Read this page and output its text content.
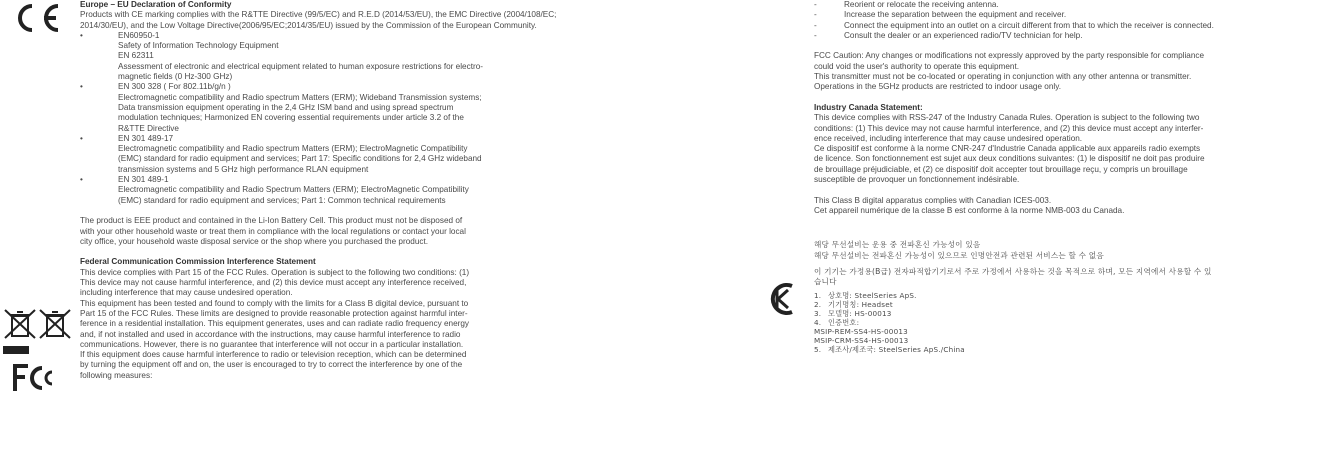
Europe – EU Declaration of Conformity

Products with CE marking complies with the R&TTE Directive (99/5/EC) and R.E.D (2014/53/EU), the EMC Directive (2004/108/EC; 2014/30/EU), and the Low Voltage Directive(2006/95/EC;2014/35/EU) issued by the Commission of the European Community.

•	EN60950-1
Safety of Information Technology Equipment
EN 62311
Assessment of electronic and electrical equipment related to human exposure restrictions for electro-
magnetic fields (0 Hz-300 GHz)
•	EN 300 328 ( For 802.11b/g/n )
Electromagnetic compatibility and Radio spectrum Matters (ERM); Wideband Transmission systems;
Data transmission equipment operating in the 2,4 GHz ISM band and using spread spectrum
modulation techniques; Harmonized EN covering essential requirements under article 3.2 of the
R&TTE Directive
•	EN 301 489-17
Electromagnetic compatibility and Radio spectrum Matters (ERM); ElectroMagnetic Compatibility
(EMC) standard for radio equipment and services; Part 17: Specific conditions for 2,4 GHz wideband
transmission systems and 5 GHz high performance RLAN equipment
•	EN 301 489-1
Electromagnetic compatibility and Radio Spectrum Matters (ERM); ElectroMagnetic Compatibility
(EMC) standard for radio equipment and services; Part 1: Common technical requirements
The product is EEE product and contained in the Li-Ion Battery Cell. This product must not be disposed of
with your other household waste or treat them in compliance with the local regulations or contact your local
city office, your household waste disposal service or the shop where you purchased the product.

Federal Communication Commission Interference Statement

This device complies with Part 15 of the FCC Rules. Operation is subject to the following two conditions: (1)
This device may not cause harmful interference, and (2) this device must accept any interference received,
including interference that may cause undesired operation.
This equipment has been tested and found to comply with the limits for a Class B digital device, pursuant to
Part 15 of the FCC Rules. These limits are designed to provide reasonable protection against harmful inter-
ference in a residential installation. This equipment generates, uses and can radiate radio frequency energy
and, if not installed and used in accordance with the instructions, may cause harmful interference to radio
communications. However, there is no guarantee that interference will not occur in a particular installation.
If this equipment does cause harmful interference to radio or television reception, which can be determined
by turning the equipment off and on, the user is encouraged to try to correct the interference by one of the
following measures:
-	Reorient or relocate the receiving antenna.
-	Increase the separation between the equipment and receiver.
-	Connect the equipment into an outlet on a circuit different from that to which the receiver is connected.
-	Consult the dealer or an experienced radio/TV technician for help.
FCC Caution: Any changes or modifications not expressly approved by the party responsible for compliance
could void the user's authority to operate this equipment.
This transmitter must not be co-located or operating in conjunction with any other antenna or transmitter.
Operations in the 5GHz products are restricted to indoor usage only.

Industry Canada Statement:

This device complies with RSS-247 of the Industry Canada Rules. Operation is subject to the following two
conditions: (1) This device may not cause harmful interference, and (2) this device must accept any interfer-
ence received, including interference that may cause undesired operation.
Ce dispositif est conforme à la norme CNR-247 d'Industrie Canada applicable aux appareils radio exempts
de licence. Son fonctionnement est sujet aux deux conditions suivantes: (1) le dispositif ne doit pas produire
de brouillage préjudiciable, et (2) ce dispositif doit accepter tout brouillage reçu, y compris un brouillage
susceptible de provoquer un fonctionnement indésirable.
This Class B digital apparatus complies with Canadian ICES-003.
Cet appareil numérique de la classe B est conforme à la norme NMB-003 du Canada.
해당 무선설비는 운용 중 전파혼신 가능성이 있음
해당 무선설비는 전파혼신 가능성이 있으므로 인명안전과 관련된 서비스는 할 수 없음
이 기기는 가정용(B급) 전자파적합기기로서 주로 가정에서 사용하는 것을 목적으로 하며, 모든 지역에서 사용할 수 있
습니다
1. 상호명: SteelSeries ApS.
2. 기기명칭: Headset
3. 모델명: HS-00013
4. 인증번호:
MSIP-REM-SS4-HS-00013
MSIP-CRM-SS4-HS-00013
5. 제조사/제조국: SteelSeries ApS./China
